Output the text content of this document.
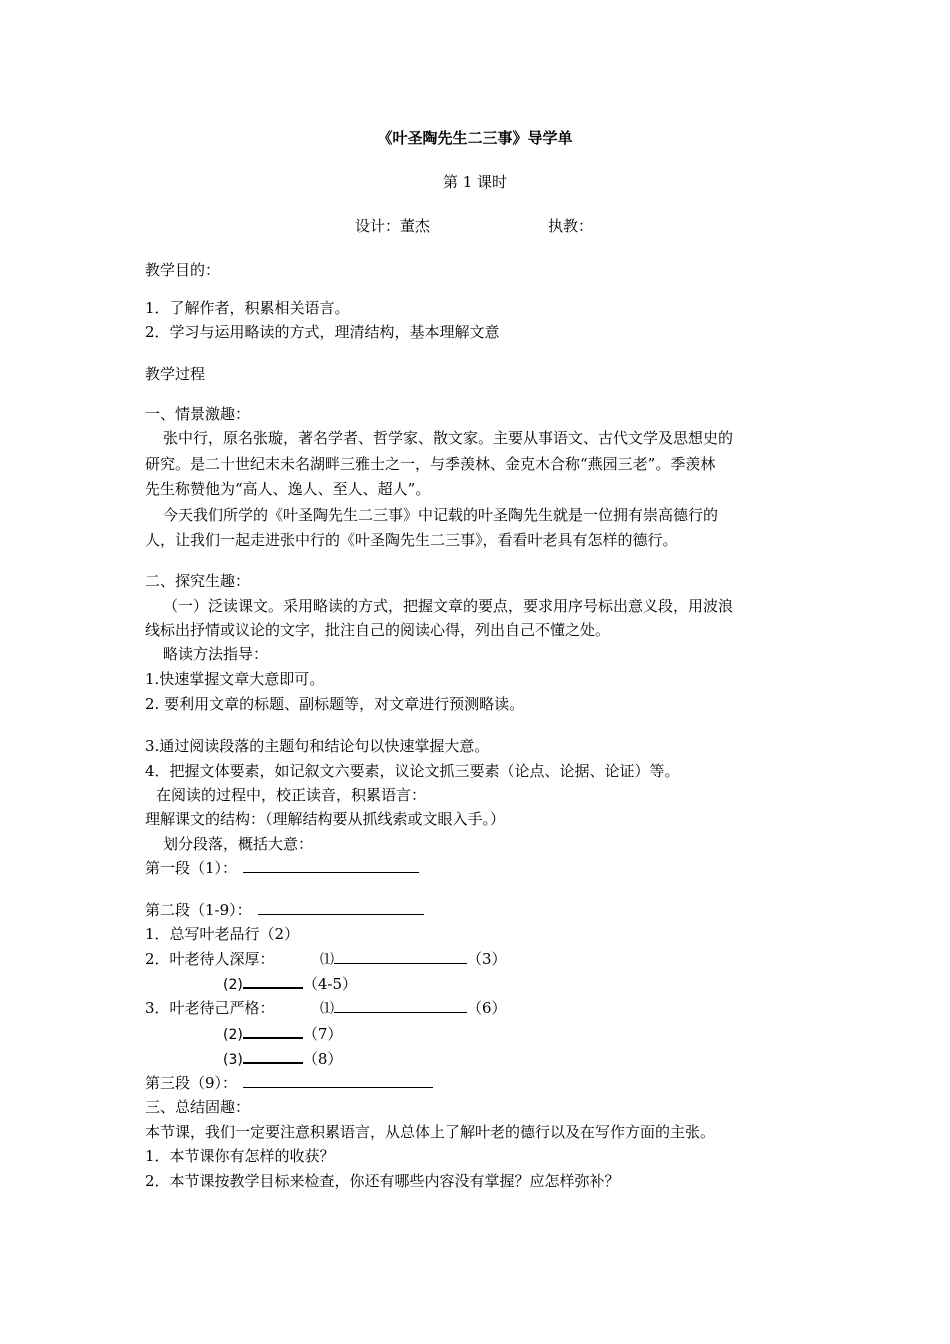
《叶圣陶先生二三事》导学单
第 1 课时
设计：董杰	执教：
教学目的：
1．了解作者，积累相关语言。
2．学习与运用略读的方式，理清结构，基本理解文意
教学过程
一、情景激趣：
张中行，原名张璇，著名学者、哲学家、散文家。主要从事语文、古代文学及思想史的
研究。是二十世纪末未名湖畔三雅士之一，与季羡林、金克木合称“燕园三老”。季羡林
先生称赞他为“高人、逸人、至人、超人”。
今天我们所学的《叶圣陶先生二三事》中记载的叶圣陶先生就是一位拥有崇高德行的
人，让我们一起走进张中行的《叶圣陶先生二三事》，看看叶老具有怎样的德行。
二、探究生趣：
（一）泛读课文。采用略读的方式，把握文章的要点，要求用序号标出意义段，用波浪
线标出抒情或议论的文字，批注自己的阅读心得，列出自己不懂之处。
略读方法指导：
1.快速掌握文章大意即可。
2. 要利用文章的标题、副标题等，对文章进行预测略读。
3.通过阅读段落的主题句和结论句以快速掌握大意。
4．把握文体要素，如记叙文六要素，议论文抓三要素（论点、论据、论证）等。
在阅读的过程中，校正读音，积累语言：
理解课文的结构：（理解结构要从抓线索或文眼入手。）
划分段落，概括大意：
第一段（1）：
第二段（1-9）：
1．总写叶老品行（2）
2．叶老待人深厚：	⑴	（3）
(2)	（4-5）
3．叶老待己严格：	⑴	（6）
(2)	（7）
(3)	（8）
第三段（9）：
三、总结固趣：
本节课，我们一定要注意积累语言，从总体上了解叶老的德行以及在写作方面的主张。
1．本节课你有怎样的收获？
2．本节课按教学目标来检查，你还有哪些内容没有掌握？应怎样弥补？
